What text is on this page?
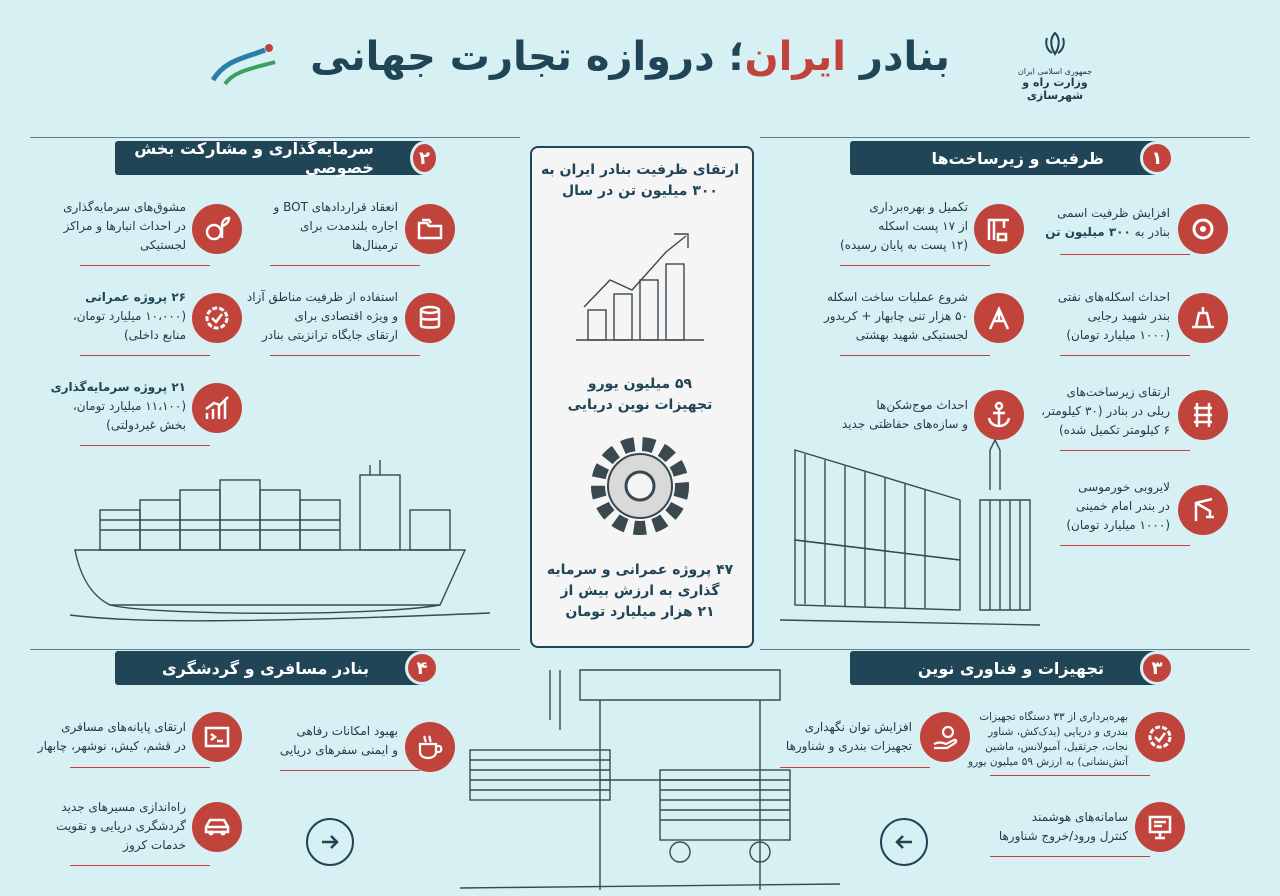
بنادر ایران؛ دروازه تجارت جهانی	جمهوری اسلامی ایران
وزارت راه و شهرسازی
۱
ظرفیت و زیرساخت‌ها
۲
سرمایه‌گذاری و مشارکت بخش خصوصی
۳
تجهیزات و فناوری نوین
۴
بنادر مسافری و گردشگری
افزایش ظرفیت اسمی
بنادر به ۳۰۰ میلیون تن
تکمیل و بهره‌برداری
از ۱۷ پست اسکله
(۱۲ پست به پایان رسیده)
احداث اسکله‌های نفتی
بندر شهید رجایی
(۱۰۰۰ میلیارد تومان)
شروع عملیات ساخت اسکله
۵۰ هزار تنی چابهار + کریدور
لجستیکی شهید بهشتی
ارتقای زیرساخت‌های
ریلی در بنادر (۳۰ کیلومتر،
۶ کیلومتر تکمیل شده)
احداث موج‌شکن‌ها
و سازه‌های حفاظتی جدید
لایروبی خورموسی
در بندر امام خمینی
(۱۰۰۰ میلیارد تومان)
انعقاد قراردادهای BOT و
اجاره بلندمدت برای
ترمینال‌ها
مشوق‌های سرمایه‌گذاری
در احداث انبارها و مراکز
لجستیکی
استفاده از ظرفیت مناطق آزاد
و ویژه اقتصادی برای
ارتقای جایگاه ترانزیتی بنادر
۲۶ پروژه عمرانی
(۱۰،۰۰۰ میلیارد تومان،
منابع داخلی)
۲۱ پروژه سرمایه‌گذاری
(۱۱،۱۰۰ میلیارد تومان،
بخش غیردولتی)
ارتقای ظرفیت بنادر ایران به
۳۰۰ میلیون تن در سال
۵۹ میلیون یورو
تجهیزات نوین دریایی
۴۷ پروژه عمرانی و سرمایه
گذاری به ارزش بیش از
۲۱ هزار میلیارد تومان
بهره‌برداری از ۳۳ دستگاه تجهیزات
بندری و دریایی (یدک‌کش، شناور
نجات، جرثقیل، آمبولانس، ماشین
آتش‌نشانی) به ارزش ۵۹ میلیون یورو
افزایش توان نگهداری
تجهیزات بندری و شناورها
سامانه‌های هوشمند
کنترل ورود/خروج شناورها
بهبود امکانات رفاهی
و ایمنی سفرهای دریایی
ارتقای پایانه‌های مسافری
در قشم، کیش، نوشهر، چابهار
راه‌اندازی مسیرهای جدید
گردشگری دریایی و تقویت
خدمات کروز
